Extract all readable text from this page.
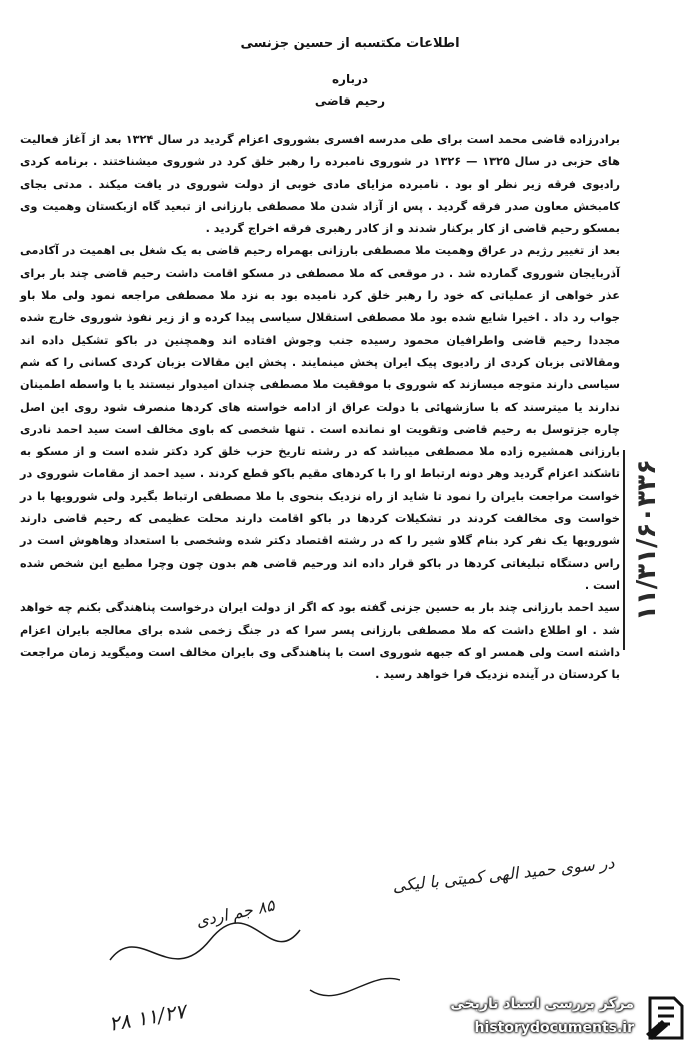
اطلاعات مکتسبه از حسین جزنسی
درباره
رحیم قاضی

برادرزاده قاضی محمد است برای طی مدرسه افسری بشوروی اعزام گردید در سال ۱۳۲۴ بعد از آغاز فعالیت های حزبی در سال ۱۳۲۵ — ۱۳۲۶ در شوروی نامبرده را رهبر خلق کرد در شوروی میشناختند . برنامه کردی رادیوی فرقه زیر نظر او بود . نامبرده مزایای مادی خوبی از دولت شوروی در یافت میکند . مدتی بجای کامبخش معاون صدر فرقه گردید . پس از آزاد شدن ملا مصطفی بارزانی از تبعید گاه ازبکستان وهمیت وی بمسکو رحیم قاضی از کار برکنار شدند و از کادر رهبری فرقه اخراج گردید .

بعد از تغییر رژیم در عراق وهمیت ملا مصطفی بارزانی بهمراه رحیم قاضی به یک شغل بی اهمیت در آکادمی آذربایجان شوروی گمارده شد . در موقعی که ملا مصطفی در مسکو اقامت داشت رحیم قاضی چند بار برای عذر خواهی از عملیاتی که خود را رهبر خلق کرد نامیده بود به نزد ملا مصطفی مراجعه نمود ولی ملا باو جواب رد داد . اخیرا شایع شده بود ملا مصطفی استقلال سیاسی پیدا کرده و از زیر نفوذ شوروی خارج شده مجددا رحیم قاضی واطرافیان محمود رسیده جنب وجوش افتاده اند وهمچنین در باکو تشکیل داده اند ومقالاتی بزبان کردی از رادیوی پیک ایران پخش مینمایند . پخش این مقالات بزبان کردی کسانی را که شم سیاسی دارند متوجه میسازند که شوروی با موفقیت ملا مصطفی چندان امیدوار نیستند یا با واسطه اطمینان ندارند یا میترسند که با سازشهائی با دولت عراق از ادامه خواسته های کردها منصرف شود روی این اصل چاره جزتوسل به رحیم قاضی وتقویت او نمانده است . تنها شخصی که باوی مخالف است سید احمد نادری بارزانی همشیره زاده ملا مصطفی میباشد که در رشته تاریخ حزب خلق کرد دکتر شده است و از مسکو به تاشکند اعزام گردید وهر دونه ارتباط او را با کردهای مقیم باکو قطع کردند . سید احمد از مقامات شوروی در خواست مراجعت بایران را نمود تا شاید از راه نزدیک بنحوی با ملا مصطفی ارتباط بگیرد ولی شورویها با در خواست وی مخالفت کردند در تشکیلات کردها در باکو اقامت دارند محلت عظیمی که رحیم قاضی دارند شورویها یک نفر کرد بنام گلاو شیر را که در رشته اقتصاد دکتر شده وشخصی با استعداد وهاهوش است در راس دستگاه تبلیغاتی کردها در باکو قرار داده اند ورحیم قاضی هم بدون چون وچرا مطیع این شخص شده است .

سید احمد بارزانی چند بار به حسین جزنی گفته بود که اگر از دولت ایران درخواست پناهندگی بکنم چه خواهد شد . او اطلاع داشت که ملا مصطفی بارزانی پسر سرا که در جنگ زخمی شده برای معالجه بایران اعزام داشته است ولی همسر او که جبهه شوروی است با پناهندگی وی بایران مخالف است ومیگوید زمان مراجعت با کردستان در آینده نزدیک فرا خواهد رسید .

۱۱/۳۱/۶۰۳۳۶
در سوی حمید الهی کمیتی با لیکی
۸۵ جم اردی
۲۸ ۱۱/۲۷	مرکز بررسی اسناد تاریخی
historydocuments.ir
